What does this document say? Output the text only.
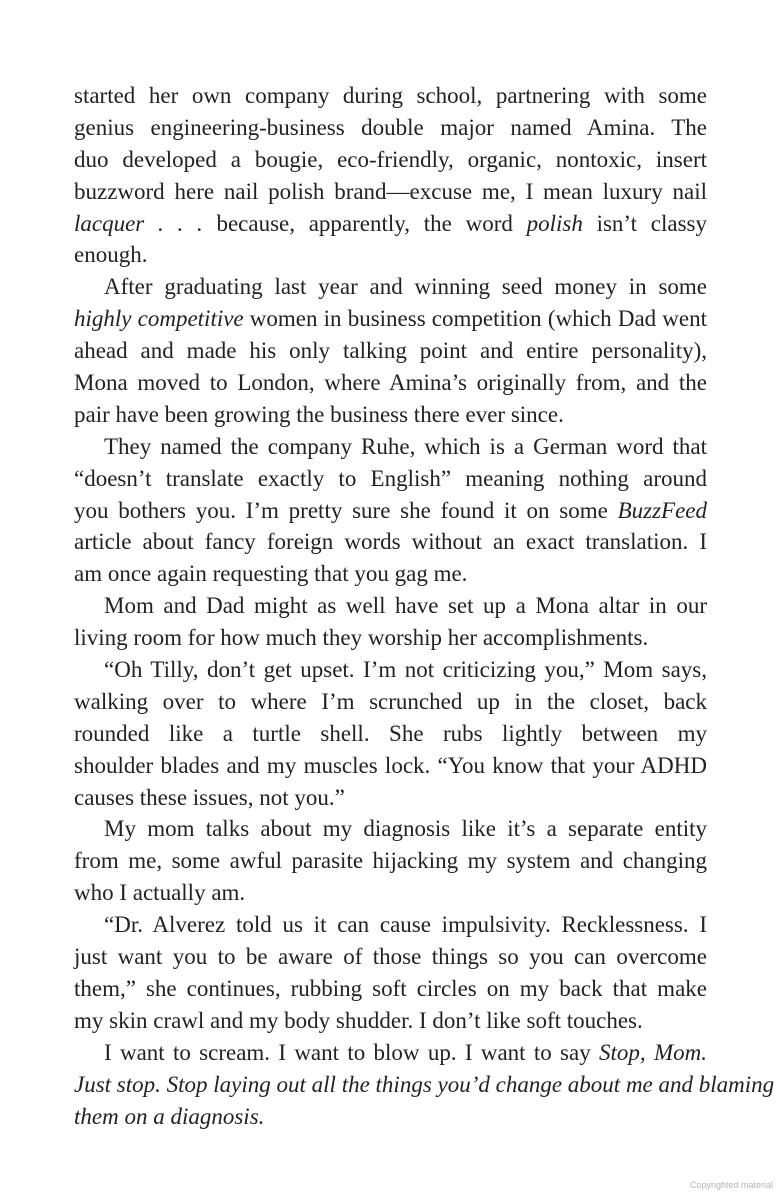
started her own company during school, partnering with some
genius engineering-business double major named Amina. The
duo developed a bougie, eco-friendly, organic, nontoxic, insert
buzzword here nail polish brand—excuse me, I mean luxury nail
lacquer . . . because, apparently, the word polish isn’t classy
enough.
After graduating last year and winning seed money in some
highly competitive women in business competition (which Dad went
ahead and made his only talking point and entire personality),
Mona moved to London, where Amina’s originally from, and the
pair have been growing the business there ever since.
They named the company Ruhe, which is a German word that
“doesn’t translate exactly to English” meaning nothing around
you bothers you. I’m pretty sure she found it on some BuzzFeed
article about fancy foreign words without an exact translation. I
am once again requesting that you gag me.
Mom and Dad might as well have set up a Mona altar in our
living room for how much they worship her accomplishments.
“Oh Tilly, don’t get upset. I’m not criticizing you,” Mom says,
walking over to where I’m scrunched up in the closet, back
rounded like a turtle shell. She rubs lightly between my
shoulder blades and my muscles lock. “You know that your ADHD
causes these issues, not you.”
My mom talks about my diagnosis like it’s a separate entity
from me, some awful parasite hijacking my system and changing
who I actually am.
“Dr. Alverez told us it can cause impulsivity. Recklessness. I
just want you to be aware of those things so you can overcome
them,” she continues, rubbing soft circles on my back that make
my skin crawl and my body shudder. I don’t like soft touches.
I want to scream. I want to blow up. I want to say Stop, Mom.
Just stop. Stop laying out all the things you’d change about me and blaming
them on a diagnosis.
Copyrighted material
